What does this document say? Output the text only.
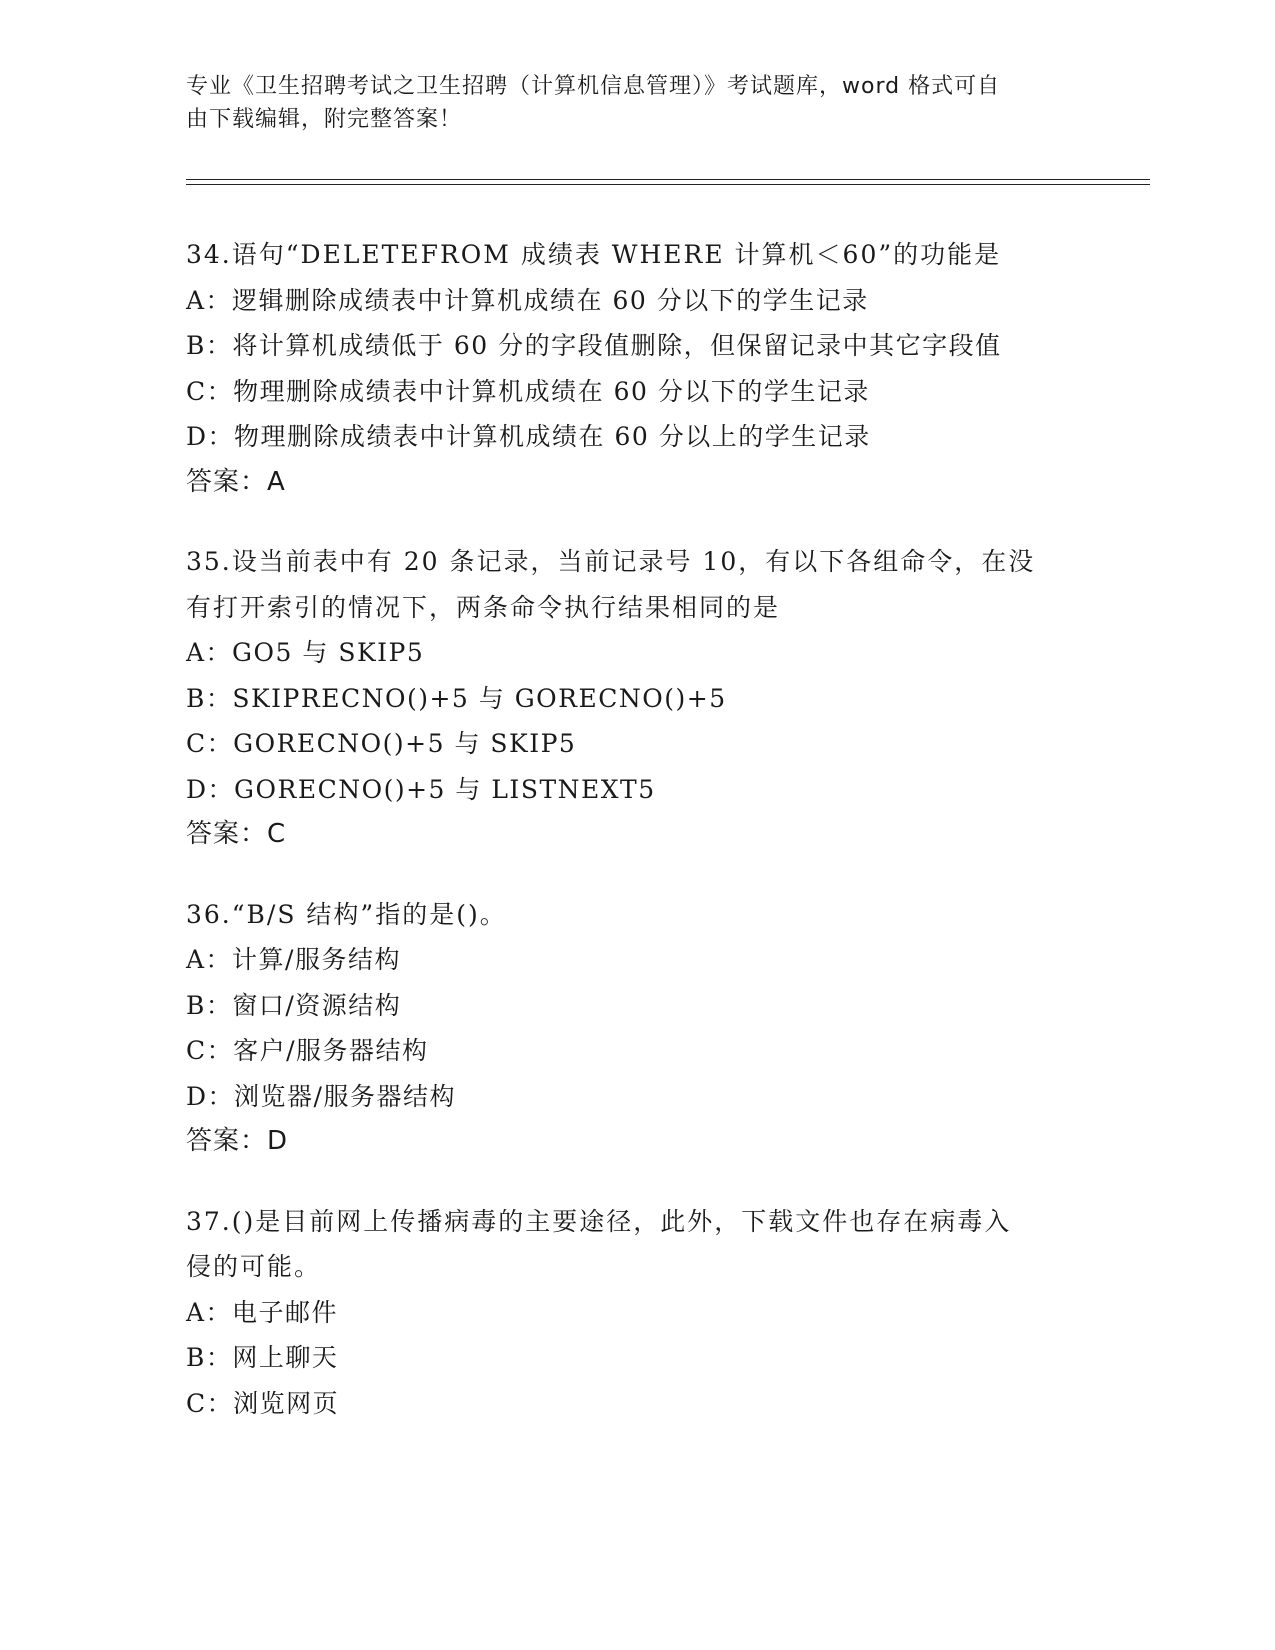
专业《卫生招聘考试之卫生招聘（计算机信息管理）》考试题库，word 格式可自
由下载编辑，附完整答案！

34.语句“DELETEFROM 成绩表 WHERE 计算机＜60”的功能是

A：逻辑删除成绩表中计算机成绩在 60 分以下的学生记录

B：将计算机成绩低于 60 分的字段值删除，但保留记录中其它字段值

C：物理删除成绩表中计算机成绩在 60 分以下的学生记录

D：物理删除成绩表中计算机成绩在 60 分以上的学生记录

答案：A

35.设当前表中有 20 条记录，当前记录号 10，有以下各组命令，在没

有打开索引的情况下，两条命令执行结果相同的是

A：GO5 与 SKIP5

B：SKIPRECNO()+5 与 GORECNO()+5

C：GORECNO()+5 与 SKIP5

D：GORECNO()+5 与 LISTNEXT5

答案：C

36.“B/S 结构”指的是()。

A：计算/服务结构

B：窗口/资源结构

C：客户/服务器结构

D：浏览器/服务器结构

答案：D

37.()是目前网上传播病毒的主要途径，此外，下载文件也存在病毒入

侵的可能。

A：电子邮件

B：网上聊天

C：浏览网页
